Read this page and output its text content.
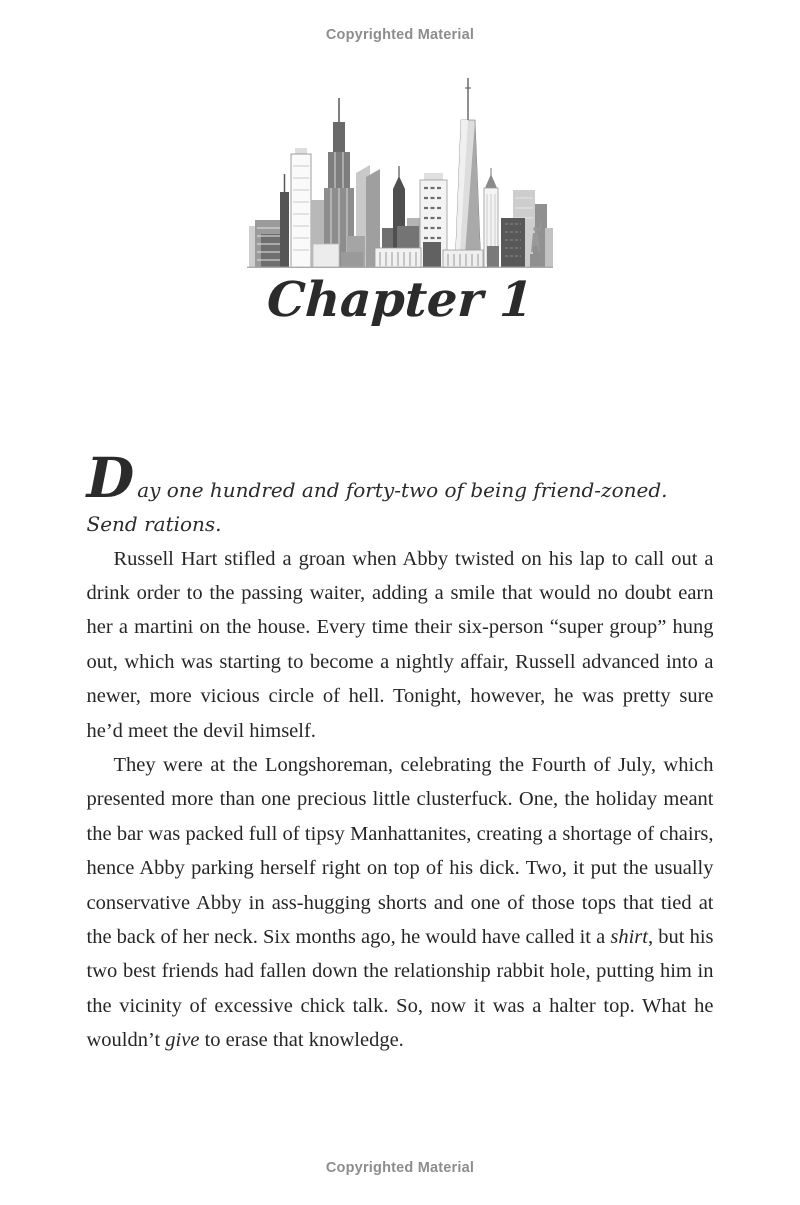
Copyrighted Material
Chapter 1

Day one hundred and forty-two of being friend-zoned. Send rations.

Russell Hart stifled a groan when Abby twisted on his lap to call out a drink order to the passing waiter, adding a smile that would no doubt earn her a martini on the house. Every time their six-person “super group” hung out, which was starting to become a nightly affair, Russell advanced into a newer, more vicious circle of hell. Tonight, however, he was pretty sure he’d meet the devil himself.

They were at the Longshoreman, celebrating the Fourth of July, which presented more than one precious little clusterfuck. One, the holiday meant the bar was packed full of tipsy Manhattanites, creating a shortage of chairs, hence Abby parking herself right on top of his dick. Two, it put the usually conservative Abby in ass-hugging shorts and one of those tops that tied at the back of her neck. Six months ago, he would have called it a shirt, but his two best friends had fallen down the relationship rabbit hole, putting him in the vicinity of excessive chick talk. So, now it was a halter top. What he wouldn’t give to erase that knowledge.

Copyrighted Material
